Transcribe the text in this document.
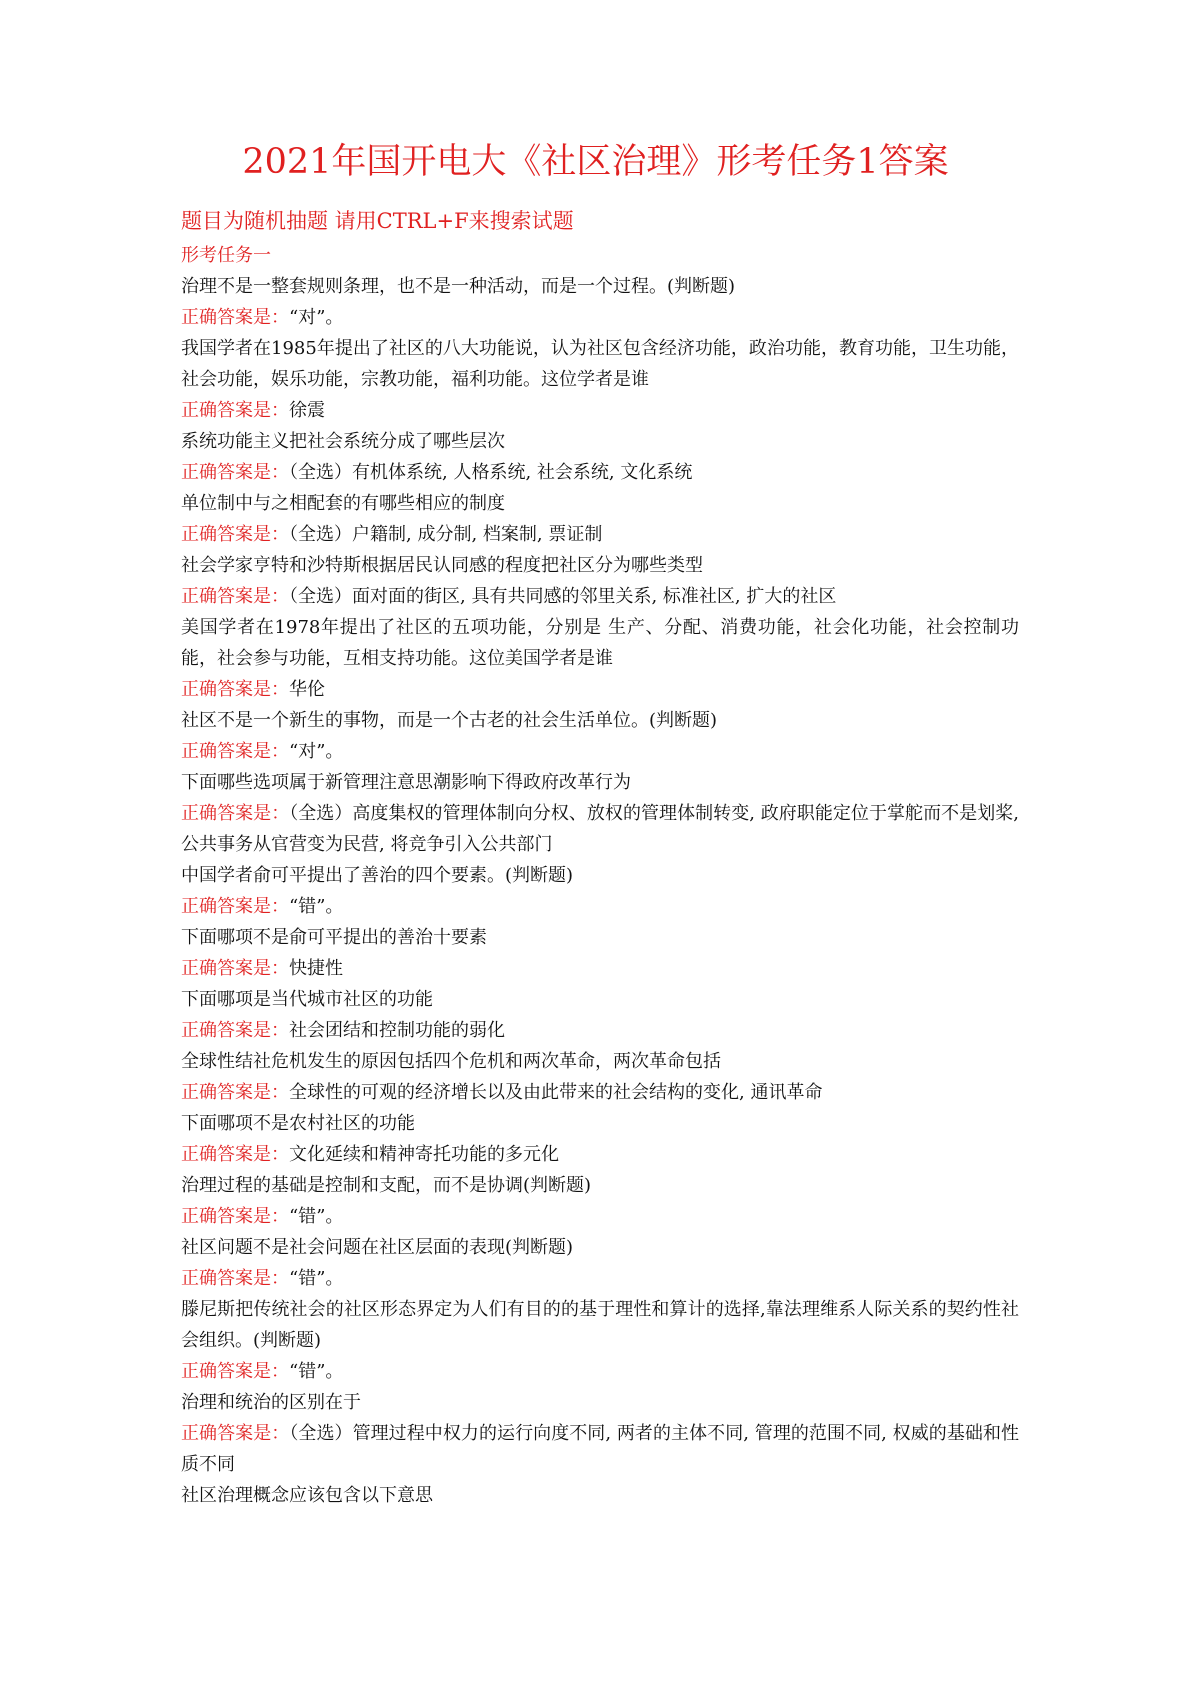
2021年国开电大《社区治理》形考任务1答案

题目为随机抽题 请用CTRL+F来搜索试题

形考任务一

治理不是一整套规则条理，也不是一种活动，而是一个过程。(判断题)

正确答案是：“对”。

我国学者在1985年提出了社区的八大功能说，认为社区包含经济功能，政治功能，教育功能，卫生功能，社会功能，娱乐功能，宗教功能，福利功能。这位学者是谁

正确答案是：徐震

系统功能主义把社会系统分成了哪些层次

正确答案是：（全选）有机体系统, 人格系统, 社会系统, 文化系统

单位制中与之相配套的有哪些相应的制度

正确答案是：（全选）户籍制, 成分制, 档案制, 票证制

社会学家亨特和沙特斯根据居民认同感的程度把社区分为哪些类型

正确答案是：（全选）面对面的街区, 具有共同感的邻里关系, 标准社区, 扩大的社区

美国学者在1978年提出了社区的五项功能，分别是 生产、分配、消费功能，社会化功能，社会控制功能，社会参与功能，互相支持功能。这位美国学者是谁

正确答案是：华伦

社区不是一个新生的事物，而是一个古老的社会生活单位。(判断题)

正确答案是：“对”。

下面哪些选项属于新管理注意思潮影响下得政府改革行为

正确答案是：（全选）高度集权的管理体制向分权、放权的管理体制转变, 政府职能定位于掌舵而不是划桨, 公共事务从官营变为民营, 将竞争引入公共部门

中国学者俞可平提出了善治的四个要素。(判断题)

正确答案是：“错”。

下面哪项不是俞可平提出的善治十要素

正确答案是：快捷性

下面哪项是当代城市社区的功能

正确答案是：社会团结和控制功能的弱化

全球性结社危机发生的原因包括四个危机和两次革命，两次革命包括

正确答案是：全球性的可观的经济增长以及由此带来的社会结构的变化, 通讯革命

下面哪项不是农村社区的功能

正确答案是：文化延续和精神寄托功能的多元化

治理过程的基础是控制和支配，而不是协调(判断题)

正确答案是：“错”。

社区问题不是社会问题在社区层面的表现(判断题)

正确答案是：“错”。

滕尼斯把传统社会的社区形态界定为人们有目的的基于理性和算计的选择,靠法理维系人际关系的契约性社会组织。(判断题)

正确答案是：“错”。

治理和统治的区别在于

正确答案是：（全选）管理过程中权力的运行向度不同, 两者的主体不同, 管理的范围不同, 权威的基础和性质不同

社区治理概念应该包含以下意思
